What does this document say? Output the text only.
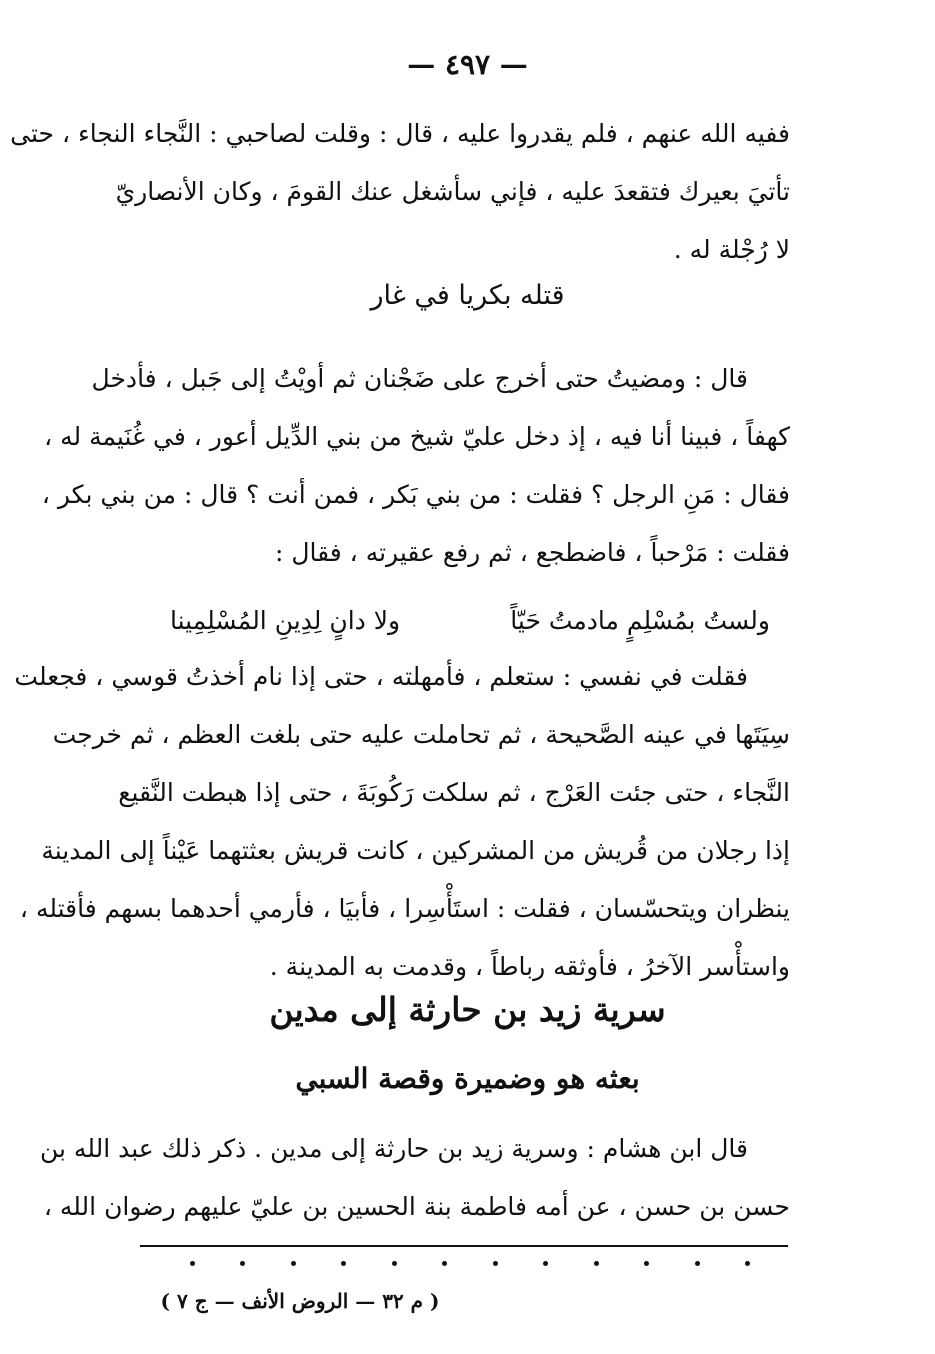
— ٤٩٧ —
ففيه الله عنهم ، فلم يقدروا عليه ، قال : وقلت لصاحبي : النَّجاء النجاء ، حتى
تأتيَ بعيرك فتقعدَ عليه ، فإني سأشغل عنك القومَ ، وكان الأنصاريّ
لا رُجْلة له .
قتله بكريا في غار
قال : ومضيتُ حتى أخرج على ضَجْنان ثم أويْتُ إلى جَبل ، فأدخل
كهفاً ، فبينا أنا فيه ، إذ دخل عليّ شيخ من بني الدِّيل أعور ، في غُنَيمة له ،
فقال : مَنِ الرجل ؟ فقلت : من بني بَكر ، فمن أنت ؟ قال : من بني بكر ،
فقلت : مَرْحباً ، فاضطجع ، ثم رفع عقيرته ، فقال :
ولستُ بمُسْلِمٍ مادمتُ حَيّاً
ولا دانٍ لِدِينِ المُسْلِمِينا
فقلت في نفسي : ستعلم ، فأمهلته ، حتى إذا نام أخذتُ قوسي ، فجعلت
سِيَتَها في عينه الصَّحيحة ، ثم تحاملت عليه حتى بلغت العظم ، ثم خرجت
النَّجاء ، حتى جئت العَرْج ، ثم سلكت رَكُوبَةَ ، حتى إذا هبطت النَّقيع
إذا رجلان من قُريش من المشركين ، كانت قريش بعثتهما عَيْناً إلى المدينة
ينظران ويتحسّسان ، فقلت : استَأْسِرا ، فأبيَا ، فأرمي أحدهما بسهم فأقتله ،
واستأْسر الآخرُ ، فأوثقه رباطاً ، وقدمت به المدينة .
سرية زيد بن حارثة إلى مدين
بعثه هو وضميرة وقصة السبي
قال ابن هشام : وسرية زيد بن حارثة إلى مدين . ذكر ذلك عبد الله بن
حسن بن حسن ، عن أمه فاطمة بنة الحسين بن عليّ عليهم رضوان الله ،
( م ٣٢ — الروض الأنف — ج ٧ )
